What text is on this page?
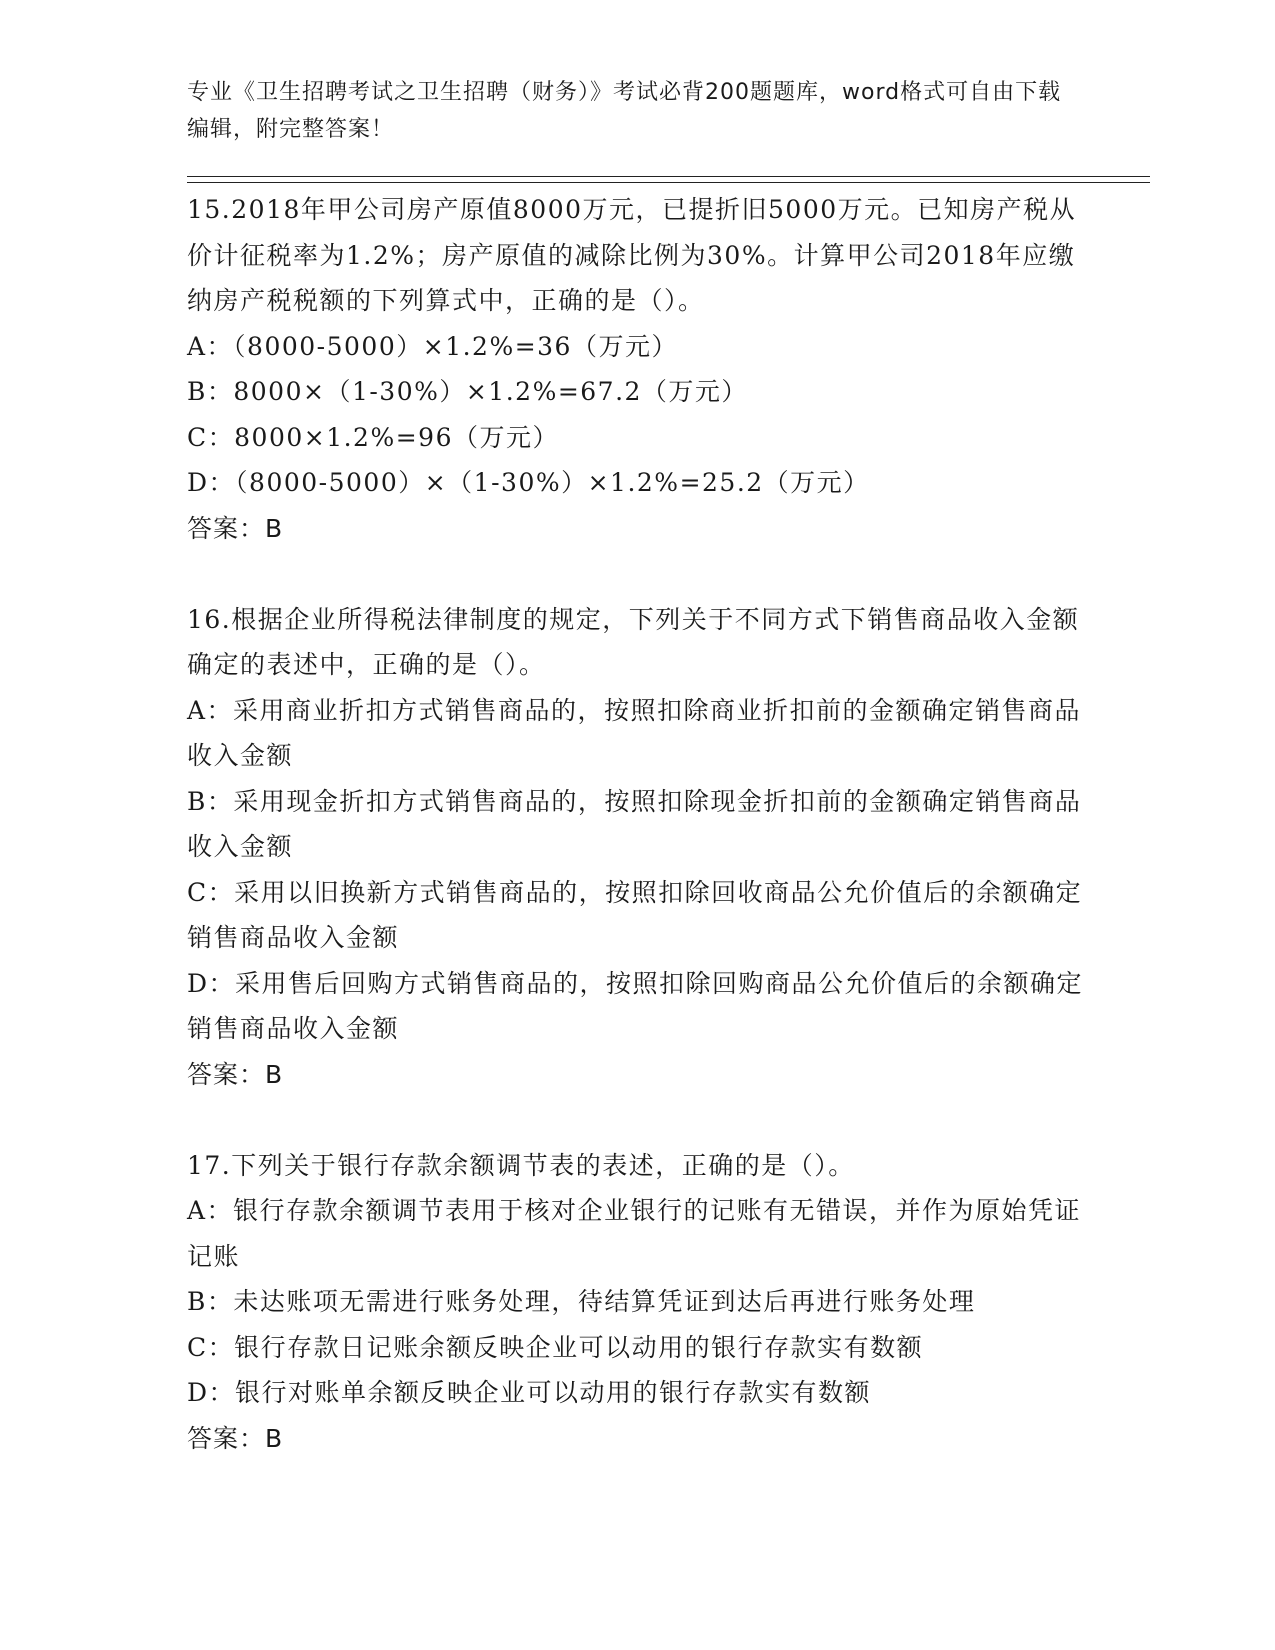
专业《卫生招聘考试之卫生招聘（财务）》考试必背200题题库，word格式可自由下载编辑，附完整答案！

15.2018年甲公司房产原值8000万元，已提折旧5000万元。已知房产税从价计征税率为1.2%；房产原值的减除比例为30%。计算甲公司2018年应缴纳房产税税额的下列算式中，正确的是（）。

A：（8000-5000）×1.2%=36（万元）

B：8000×（1-30%）×1.2%=67.2（万元）

C：8000×1.2%=96（万元）

D：（8000-5000）×（1-30%）×1.2%=25.2（万元）

答案：B

16.根据企业所得税法律制度的规定，下列关于不同方式下销售商品收入金额确定的表述中，正确的是（）。

A：采用商业折扣方式销售商品的，按照扣除商业折扣前的金额确定销售商品收入金额

B：采用现金折扣方式销售商品的，按照扣除现金折扣前的金额确定销售商品收入金额

C：采用以旧换新方式销售商品的，按照扣除回收商品公允价值后的余额确定销售商品收入金额

D：采用售后回购方式销售商品的，按照扣除回购商品公允价值后的余额确定销售商品收入金额

答案：B

17.下列关于银行存款余额调节表的表述，正确的是（）。

A：银行存款余额调节表用于核对企业银行的记账有无错误，并作为原始凭证记账

B：未达账项无需进行账务处理，待结算凭证到达后再进行账务处理

C：银行存款日记账余额反映企业可以动用的银行存款实有数额

D：银行对账单余额反映企业可以动用的银行存款实有数额

答案：B
